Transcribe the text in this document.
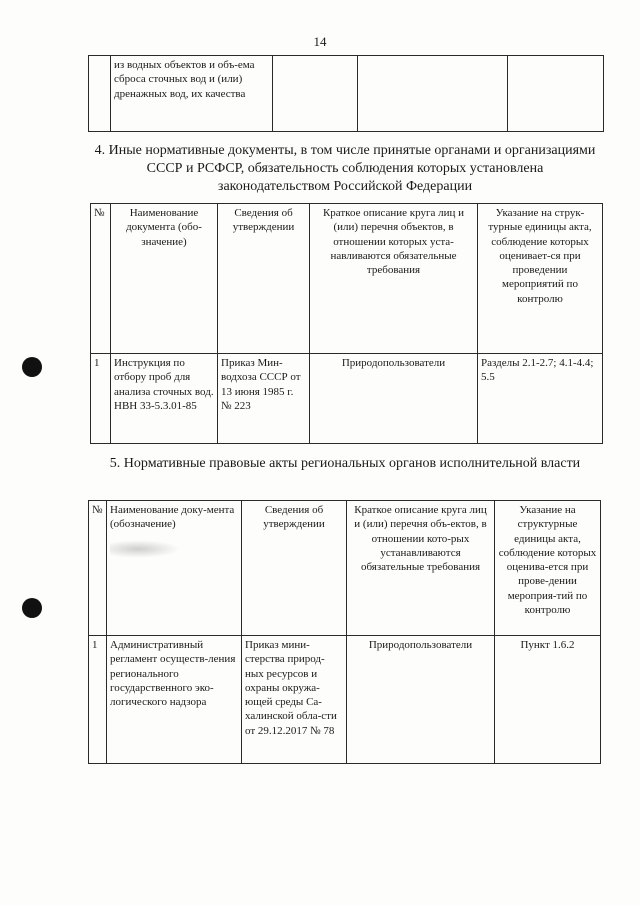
14
	из водных объектов и объ-ема сброса сточных вод и (или) дренажных вод, их качества			
4. Иные нормативные документы, в том числе принятые органами и организациями СССР и РСФСР, обязательность соблюдения которых установлена законодательством Российской Федерации
№	Наименование документа (обо-значение)	Сведения об утверждении	Краткое описание круга лиц и (или) перечня объектов, в отношении которых уста-навливаются обязательные требования	Указание на струк-турные единицы акта, соблюдение которых оценивает-ся при проведении мероприятий по контролю
1	Инструкция по отбору проб для анализа сточных вод. НВН 33-5.3.01-85	Приказ Мин-водхоза СССР от 13 июня 1985 г. № 223	Природопользователи	Разделы 2.1-2.7; 4.1-4.4; 5.5
5. Нормативные правовые акты региональных органов исполнительной власти
№	Наименование доку-мента (обозначение)	Сведения об утверждении	Краткое описание круга лиц и (или) перечня объ-ектов, в отношении кото-рых устанавливаются обязательные требования	Указание на структурные единицы акта, соблюдение которых оценива-ется при прове-дении мероприя-тий по контролю
1	Административный регламент осуществ-ления регионального государственного эко-логического надзора	Приказ мини-стерства природ-ных ресурсов и охраны окружа-ющей среды Са-халинской обла-сти от 29.12.2017 № 78	Природопользователи	Пункт 1.6.2
